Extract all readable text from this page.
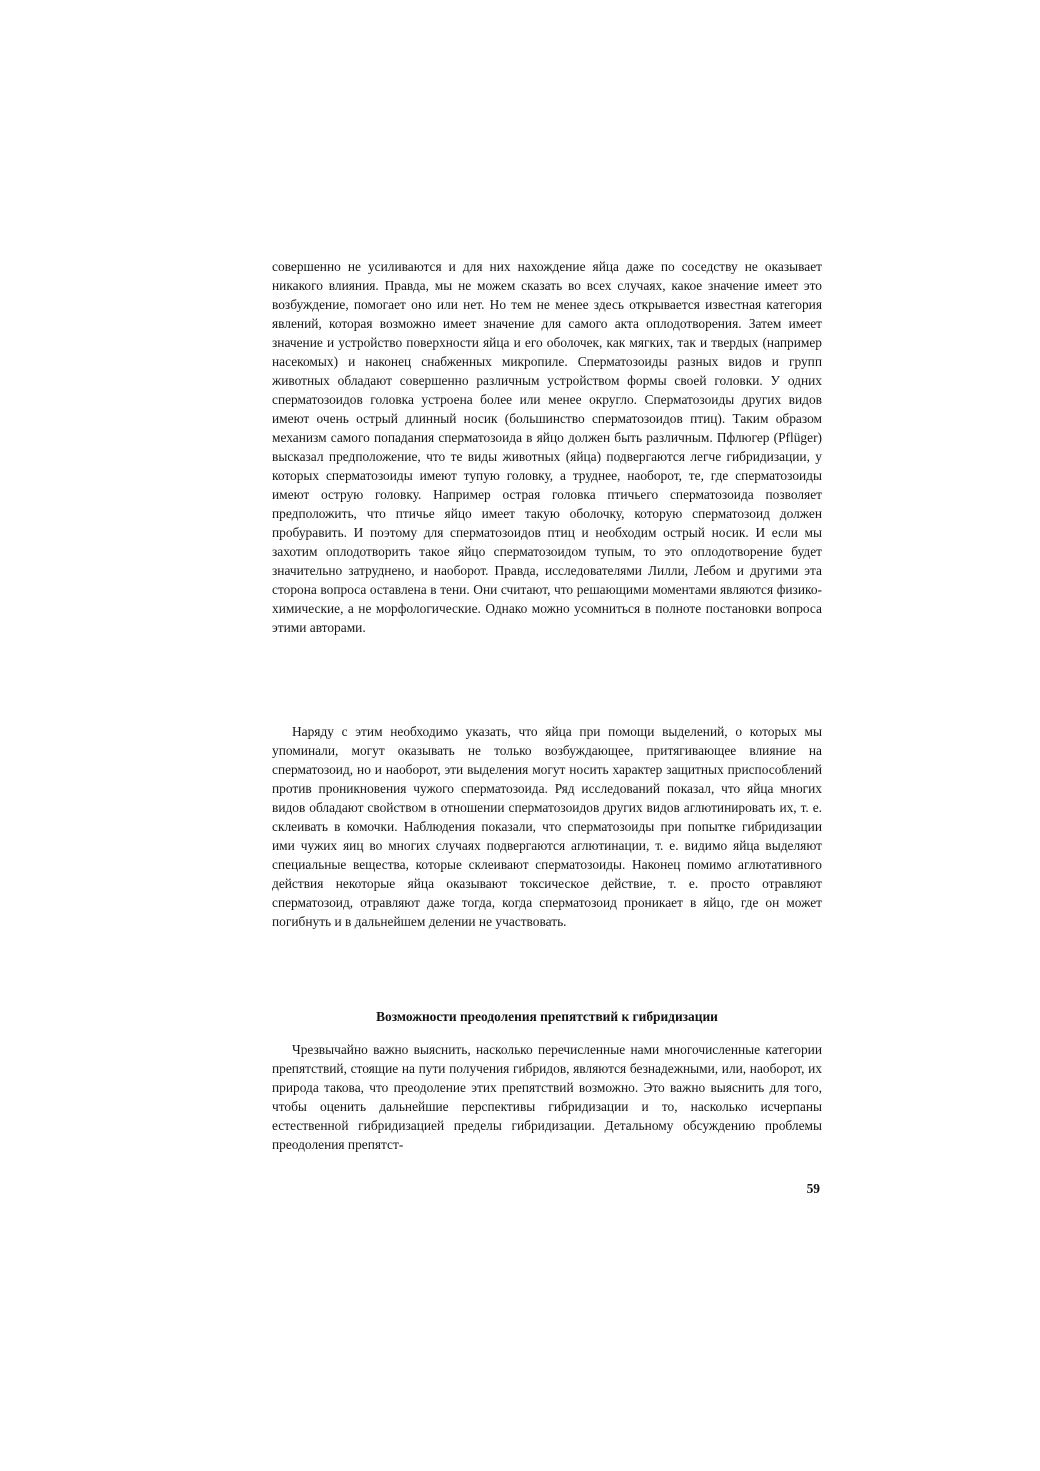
совершенно не усиливаются и для них нахождение яйца даже по соседству не оказывает никакого влияния. Правда, мы не можем сказать во всех случаях, какое значение имеет это возбуждение, помогает оно или нет. Но тем не менее здесь открывается известная категория явлений, которая возможно имеет значение для самого акта оплодотворения. Затем имеет значение и устройство поверхности яйца и его оболочек, как мягких, так и твердых (например насекомых) и наконец снабженных микропиле. Сперматозоиды разных видов и групп животных обладают совершенно различным устройством формы своей головки. У одних сперматозоидов головка устроена более или менее округло. Сперматозоиды других видов имеют очень острый длинный носик (большинство сперматозоидов птиц). Таким образом механизм самого попадания сперматозоида в яйцо должен быть различным. Пфлюгер (Pflüger) высказал предположение, что те виды животных (яйца) подвергаются легче гибридизации, у которых сперматозоиды имеют тупую головку, а труднее, наоборот, те, где сперматозоиды имеют острую головку. Например острая головка птичьего сперматозоида позволяет предположить, что птичье яйцо имеет такую оболочку, которую сперматозоид должен пробуравить. И поэтому для сперматозоидов птиц и необходим острый носик. И если мы захотим оплодотворить такое яйцо сперматозоидом тупым, то это оплодотворение будет значительно затруднено, и наоборот. Правда, исследователями Лилли, Лебом и другими эта сторона вопроса оставлена в тени. Они считают, что решающими моментами являются физико-химические, а не морфологические. Однако можно усомниться в полноте постановки вопроса этими авторами.

Наряду с этим необходимо указать, что яйца при помощи выделений, о которых мы упоминали, могут оказывать не только возбуждающее, притягивающее влияние на сперматозоид, но и наоборот, эти выделения могут носить характер защитных приспособлений против проникновения чужого сперматозоида. Ряд исследований показал, что яйца многих видов обладают свойством в отношении сперматозоидов других видов аглютинировать их, т. е. склеивать в комочки. Наблюдения показали, что сперматозоиды при попытке гибридизации ими чужих яиц во многих случаях подвергаются аглютинации, т. е. видимо яйца выделяют специальные вещества, которые склеивают сперматозоиды. Наконец помимо аглютативного действия некоторые яйца оказывают токсическое действие, т. е. просто отравляют сперматозоид, отравляют даже тогда, когда сперматозоид проникает в яйцо, где он может погибнуть и в дальнейшем делении не участвовать.

Возможности преодоления препятствий к гибридизации

Чрезвычайно важно выяснить, насколько перечисленные нами многочисленные категории препятствий, стоящие на пути получения гибридов, являются безнадежными, или, наоборот, их природа такова, что преодоление этих препятствий возможно. Это важно выяснить для того, чтобы оценить дальнейшие перспективы гибридизации и то, насколько исчерпаны естественной гибридизацией пределы гибридизации. Детальному обсуждению проблемы преодоления препятст-

59
